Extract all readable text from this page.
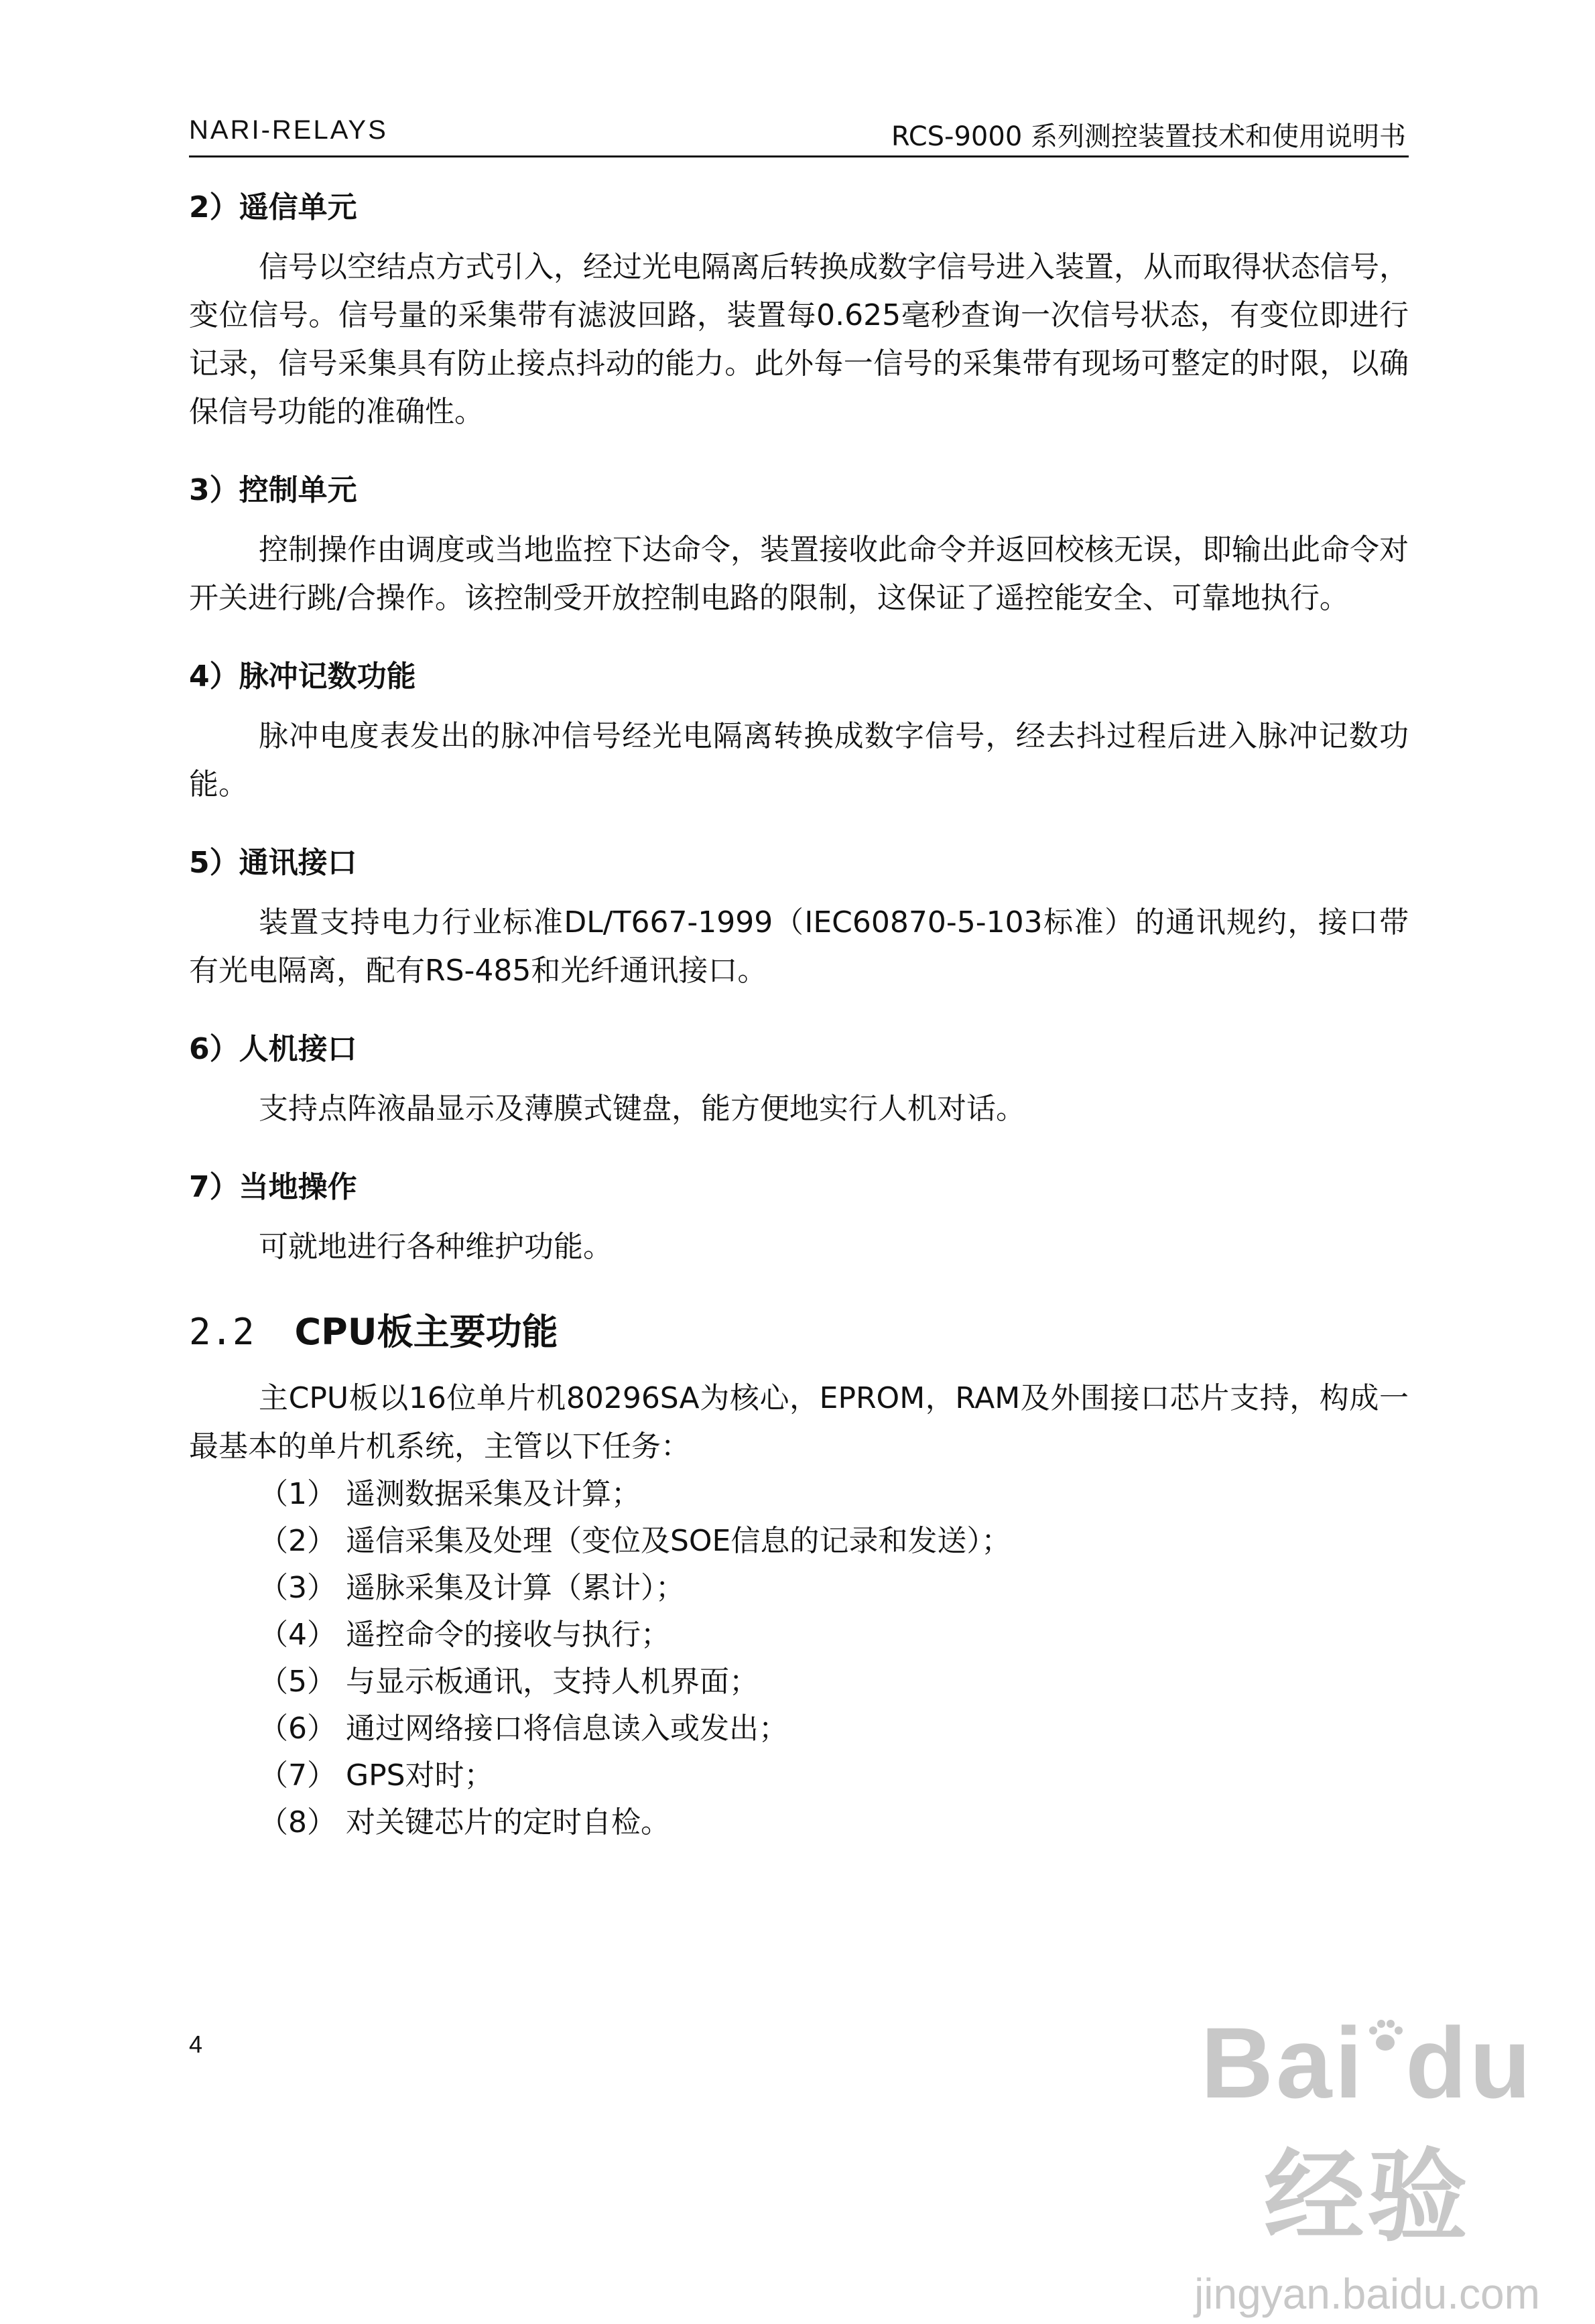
NARI-RELAYS	RCS-9000 系列测控装置技术和使用说明书

2）遥信单元

信号以空结点方式引入，经过光电隔离后转换成数字信号进入装置，从而取得状态信号，变位信号。信号量的采集带有滤波回路，装置每0.625毫秒查询一次信号状态，有变位即进行记录，信号采集具有防止接点抖动的能力。此外每一信号的采集带有现场可整定的时限，以确保信号功能的准确性。

3）控制单元

控制操作由调度或当地监控下达命令，装置接收此命令并返回校核无误，即输出此命令对开关进行跳/合操作。该控制受开放控制电路的限制，这保证了遥控能安全、可靠地执行。

4）脉冲记数功能

脉冲电度表发出的脉冲信号经光电隔离转换成数字信号，经去抖过程后进入脉冲记数功能。

5）通讯接口

装置支持电力行业标准DL/T667-1999（IEC60870-5-103标准）的通讯规约，接口带有光电隔离，配有RS-485和光纤通讯接口。

6）人机接口

支持点阵液晶显示及薄膜式键盘，能方便地实行人机对话。

7）当地操作

可就地进行各种维护功能。

2.2 CPU板主要功能

主CPU板以16位单片机80296SA为核心，EPROM，RAM及外围接口芯片支持，构成一最基本的单片机系统，主管以下任务：

（1） 遥测数据采集及计算；
（2） 遥信采集及处理（变位及SOE信息的记录和发送）；
（3） 遥脉采集及计算（累计）；
（4） 遥控命令的接收与执行；
（5） 与显示板通讯，支持人机界面；
（6） 通过网络接口将信息读入或发出；
（7） GPS对时；
（8） 对关键芯片的定时自检。
4	Bai du经验
jingyan.baidu.com
